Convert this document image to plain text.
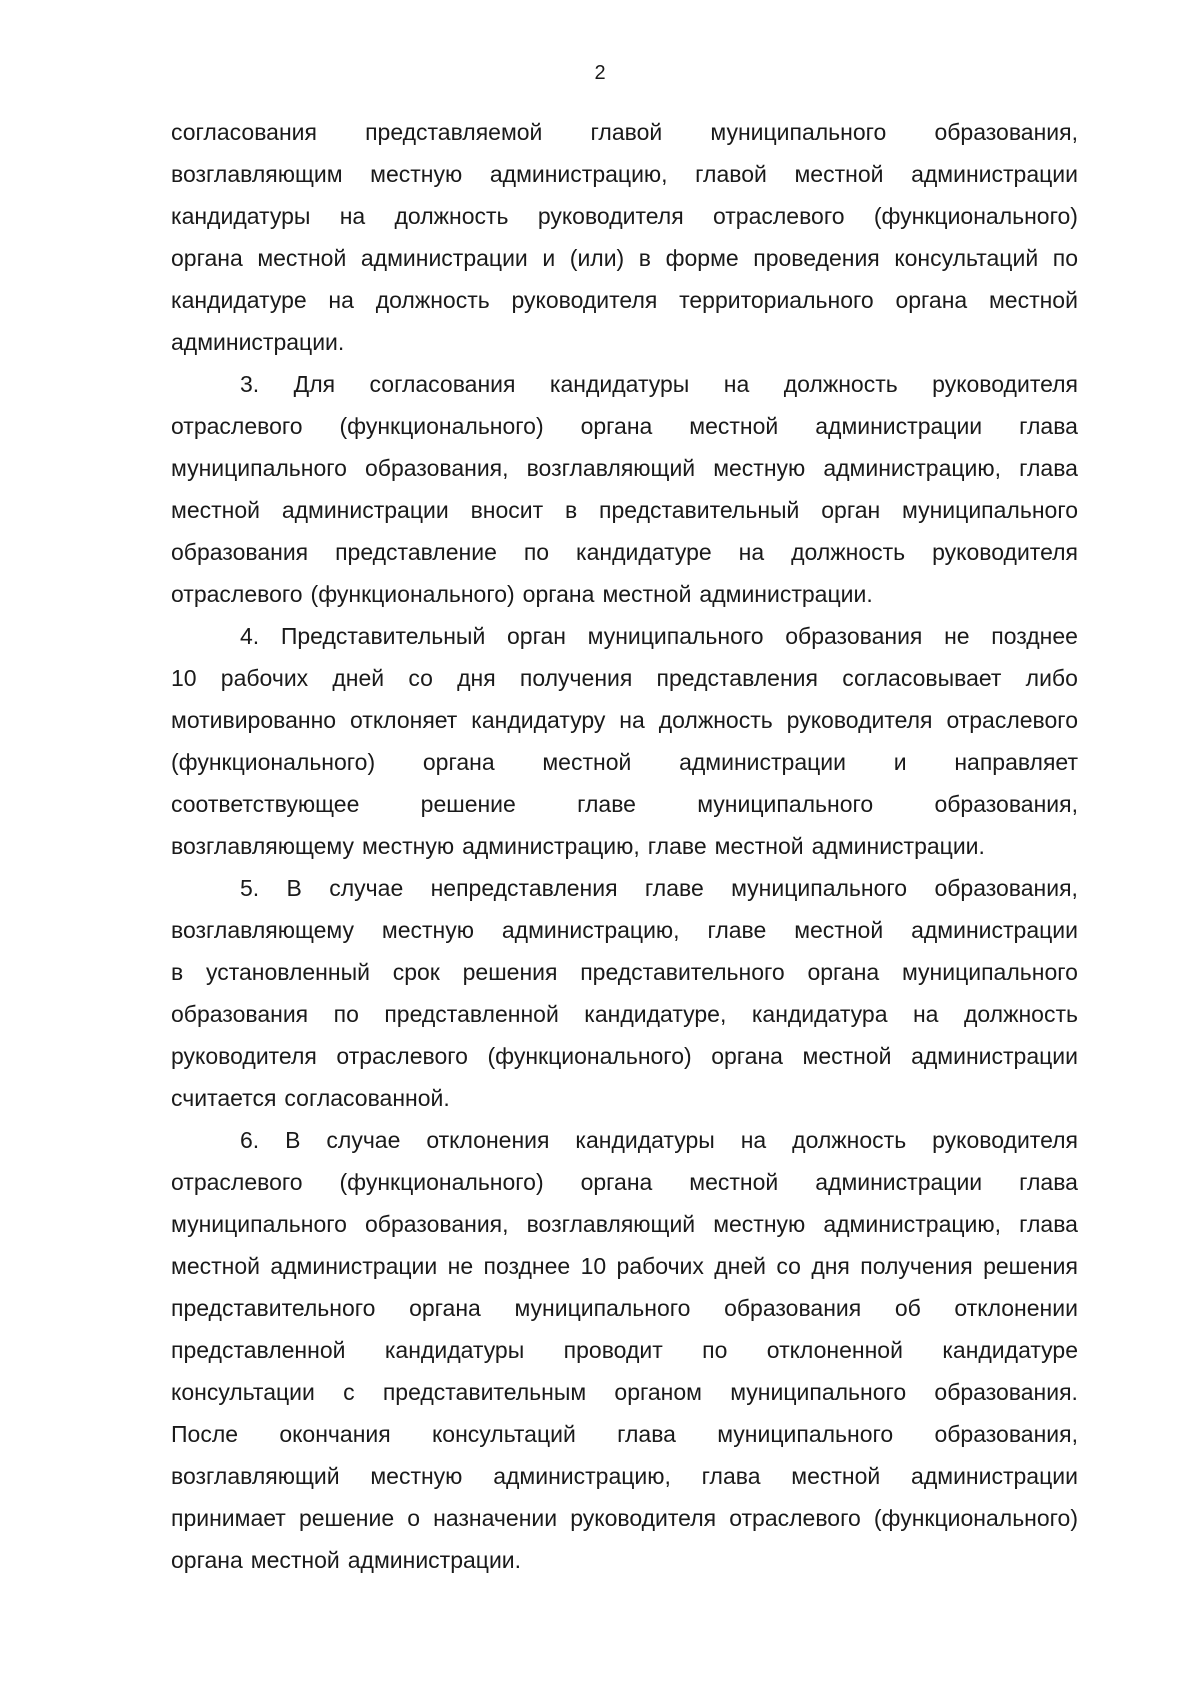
2
согласования представляемой главой муниципального образования,
возглавляющим местную администрацию, главой местной администрации
кандидатуры на должность руководителя отраслевого (функционального)
органа местной администрации и (или) в форме проведения консультаций по
кандидатуре на должность руководителя территориального органа местной
администрации.
3. Для согласования кандидатуры на должность руководителя
отраслевого (функционального) органа местной администрации глава
муниципального образования, возглавляющий местную администрацию, глава
местной администрации вносит в представительный орган муниципального
образования представление по кандидатуре на должность руководителя
отраслевого (функционального) органа местной администрации.
4. Представительный орган муниципального образования не позднее
10 рабочих дней со дня получения представления согласовывает либо
мотивированно отклоняет кандидатуру на должность руководителя отраслевого
(функционального) органа местной администрации и направляет
соответствующее	решение	главе	муниципального	образования,
возглавляющему местную администрацию, главе местной администрации.
5. В случае непредставления главе муниципального образования,
возглавляющему местную администрацию, главе местной администрации
в установленный срок решения представительного органа муниципального
образования по представленной кандидатуре, кандидатура на должность
руководителя отраслевого (функционального) органа местной администрации
считается согласованной.
6. В случае отклонения кандидатуры на должность руководителя
отраслевого (функционального) органа местной администрации глава
муниципального образования, возглавляющий местную администрацию, глава
местной администрации не позднее 10 рабочих дней со дня получения решения
представительного органа муниципального образования об отклонении
представленной кандидатуры проводит по отклоненной кандидатуре
консультации с представительным органом муниципального образования.
После окончания консультаций глава муниципального образования,
возглавляющий местную администрацию, глава местной администрации
принимает решение о назначении руководителя отраслевого (функционального)
органа местной администрации.
